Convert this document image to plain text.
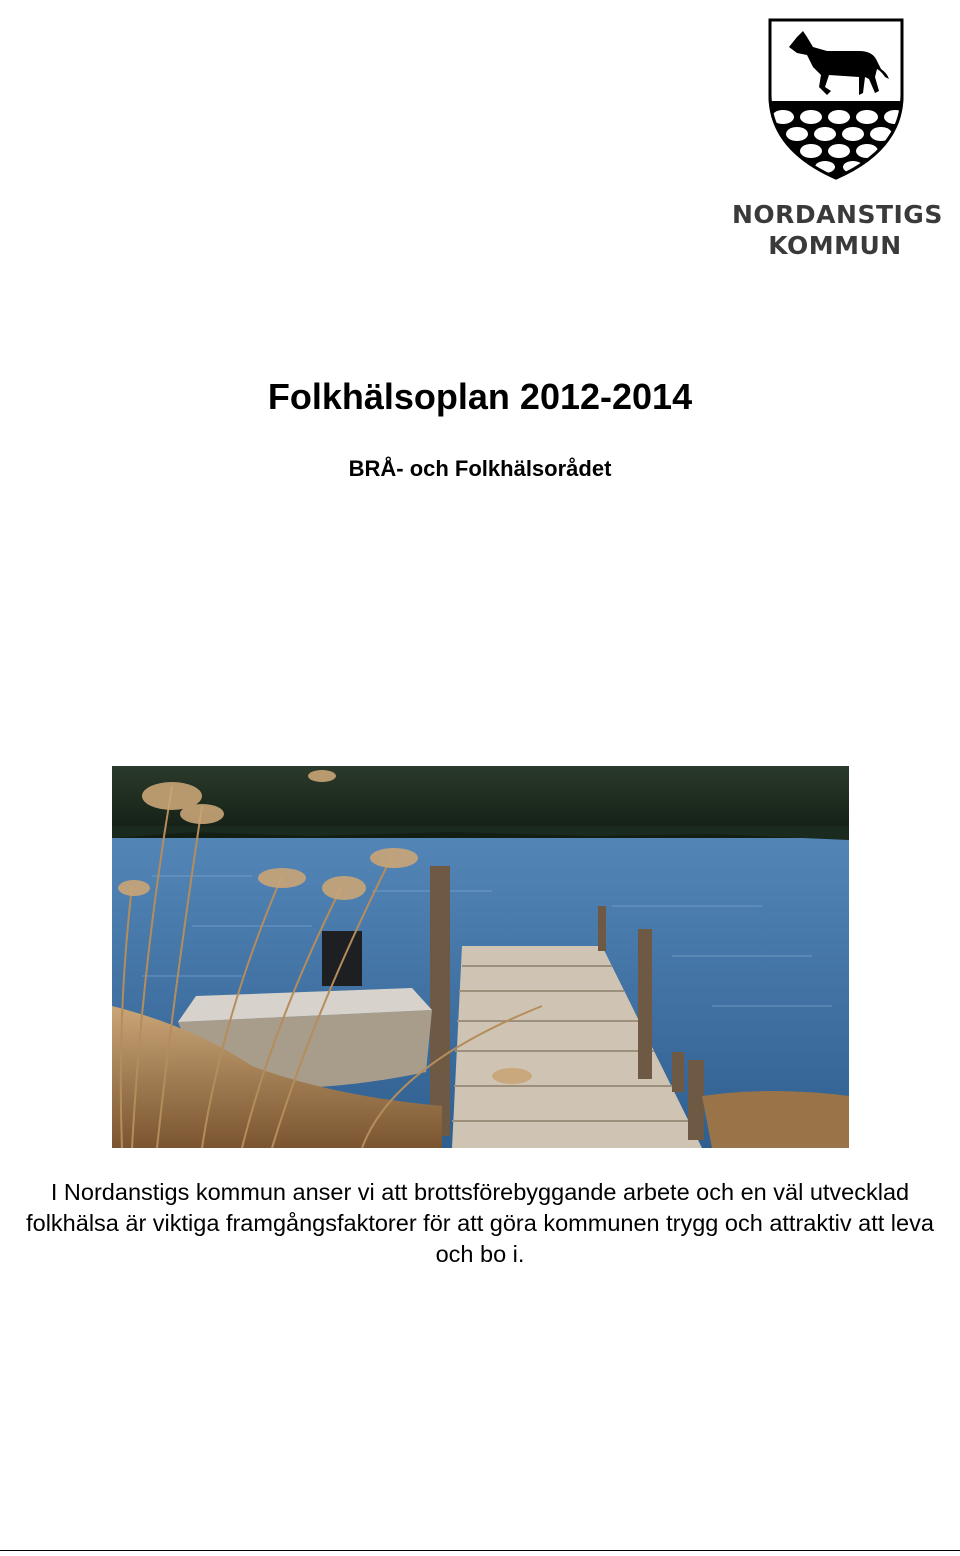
NORDANSTIGS
KOMMUN
Folkhälsoplan 2012-2014
BRÅ- och Folkhälsorådet

I Nordanstigs kommun anser vi att brottsförebyggande arbete och en väl utvecklad folkhälsa är viktiga framgångsfaktorer för att göra kommunen trygg och attraktiv att leva och bo i.
